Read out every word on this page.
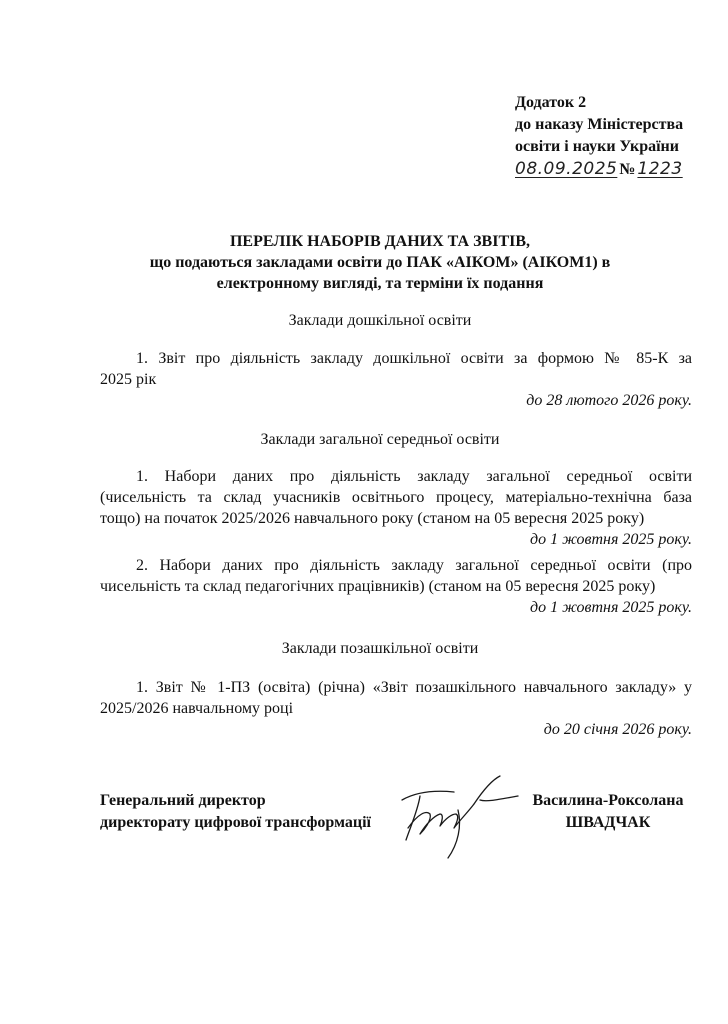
Додаток 2
до наказу Міністерства
освіти і науки України
08.09.2025 № 1223
ПЕРЕЛІК НАБОРІВ ДАНИХ ТА ЗВІТІВ,
що подаються закладами освіти до ПАК «АІКОМ» (АІКОМ1) в
електронному вигляді, та терміни їх подання
Заклади дошкільної освіти
1. Звіт про діяльність закладу дошкільної освіти за формою № 85-К за
2025 рік
до 28 лютого 2026 року.
Заклади загальної середньої освіти
1. Набори даних про діяльність закладу загальної середньої освіти
(чисельність та склад учасників освітнього процесу, матеріально-технічна база
тощо) на початок 2025/2026 навчального року (станом на 05 вересня 2025 року)
до 1 жовтня 2025 року.
2. Набори даних про діяльність закладу загальної середньої освіти (про
чисельність та склад педагогічних працівників) (станом на 05 вересня 2025 року)
до 1 жовтня 2025 року.
Заклади позашкільної освіти
1. Звіт № 1-ПЗ (освіта) (річна) «Звіт позашкільного навчального закладу» у
2025/2026 навчальному році
до 20 січня 2026 року.
Генеральний директор
директорату цифрової трансформації
Василина-Роксолана
ШВАДЧАК
